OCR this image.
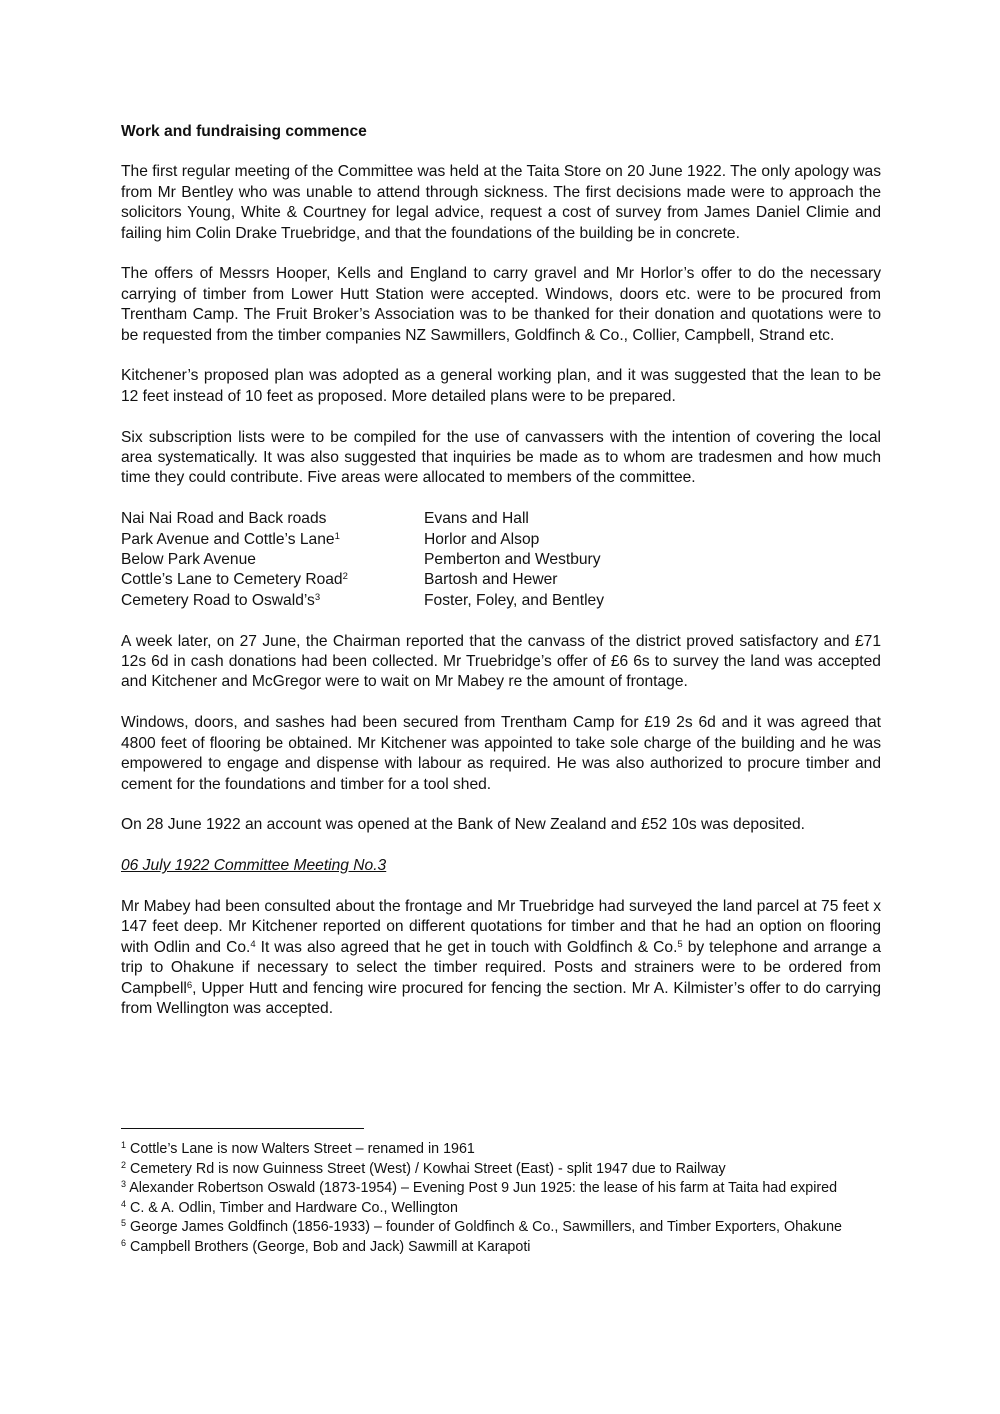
Work and fundraising commence

The first regular meeting of the Committee was held at the Taita Store on 20 June 1922. The only apology was from Mr Bentley who was unable to attend through sickness. The first decisions made were to approach the solicitors Young, White & Courtney for legal advice, request a cost of survey from James Daniel Climie and failing him Colin Drake Truebridge, and that the foundations of the building be in concrete.

The offers of Messrs Hooper, Kells and England to carry gravel and Mr Horlor’s offer to do the necessary carrying of timber from Lower Hutt Station were accepted. Windows, doors etc. were to be procured from Trentham Camp. The Fruit Broker’s Association was to be thanked for their donation and quotations were to be requested from the timber companies NZ Sawmillers, Goldfinch & Co., Collier, Campbell, Strand etc.

Kitchener’s proposed plan was adopted as a general working plan, and it was suggested that the lean to be 12 feet instead of 10 feet as proposed. More detailed plans were to be prepared.

Six subscription lists were to be compiled for the use of canvassers with the intention of covering the local area systematically. It was also suggested that inquiries be made as to whom are tradesmen and how much time they could contribute. Five areas were allocated to members of the committee.

Nai Nai Road and Back roads	Evans and Hall
Park Avenue and Cottle’s Lane$^1$	Horlor and Alsop
Below Park Avenue	Pemberton and Westbury
Cottle’s Lane to Cemetery Road$^2$	Bartosh and Hewer
Cemetery Road to $Oswald’s^3$	Foster, Foley, and Bentley

A week later, on 27 June, the Chairman reported that the canvass of the district proved satisfactory and £71 12s 6d in cash donations had been collected. Mr Truebridge’s offer of £6 6s to survey the land was accepted and Kitchener and McGregor were to wait on Mr Mabey re the amount of frontage.

Windows, doors, and sashes had been secured from Trentham Camp for £19 2s 6d and it was agreed that 4800 feet of flooring be obtained. Mr Kitchener was appointed to take sole charge of the building and he was empowered to engage and dispense with labour as required. He was also authorized to procure timber and cement for the foundations and timber for a tool shed.

On 28 June 1922 an account was opened at the Bank of New Zealand and £52 10s was deposited.

06 July 1922 Committee Meeting No.3

Mr Mabey had been consulted about the frontage and Mr Truebridge had surveyed the land parcel at 75 feet x 147 feet deep. Mr Kitchener reported on different quotations for timber and that he had an option on flooring with Odlin and Co.$^4$ It was also agreed that he get in touch with Goldfinch & Co.$^5$ by telephone and arrange a trip to Ohakune if necessary to select the timber required. Posts and strainers were to be ordered from Campbell$^6$, Upper Hutt and fencing wire procured for fencing the section. Mr A. Kilmister’s offer to do carrying from Wellington was accepted.

$^1$ Cottle’s Lane is now Walters Street – renamed in 1961
$^2$ Cemetery Rd is now Guinness Street (West) / Kowhai Street (East) - split 1947 due to Railway
$^3$ Alexander Robertson Oswald (1873-1954) – Evening Post 9 Jun 1925: the lease of his farm at Taita had expired
$^4$ C. & A. Odlin, Timber and Hardware Co., Wellington
$^5$ George James Goldfinch (1856-1933) – founder of Goldfinch & Co., Sawmillers, and Timber Exporters, Ohakune
$^6$ Campbell Brothers (George, Bob and Jack) Sawmill at Karapoti
